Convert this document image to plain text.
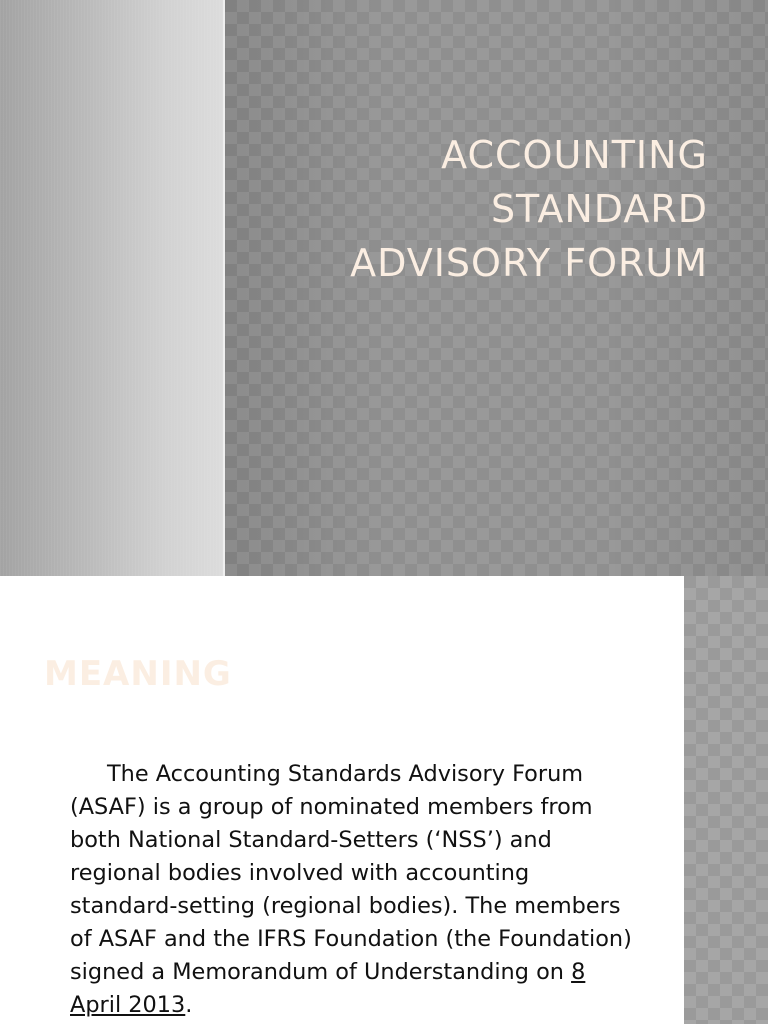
ACCOUNTING
STANDARD
ADVISORY FORUM
MEANING

The Accounting Standards Advisory Forum (ASAF) is a group of nominated members from both National Standard-Setters (‘NSS’) and regional bodies involved with accounting standard-setting (regional bodies). The members of ASAF and the IFRS Foundation (the Foundation) signed a Memorandum of Understanding on 8 April 2013.
